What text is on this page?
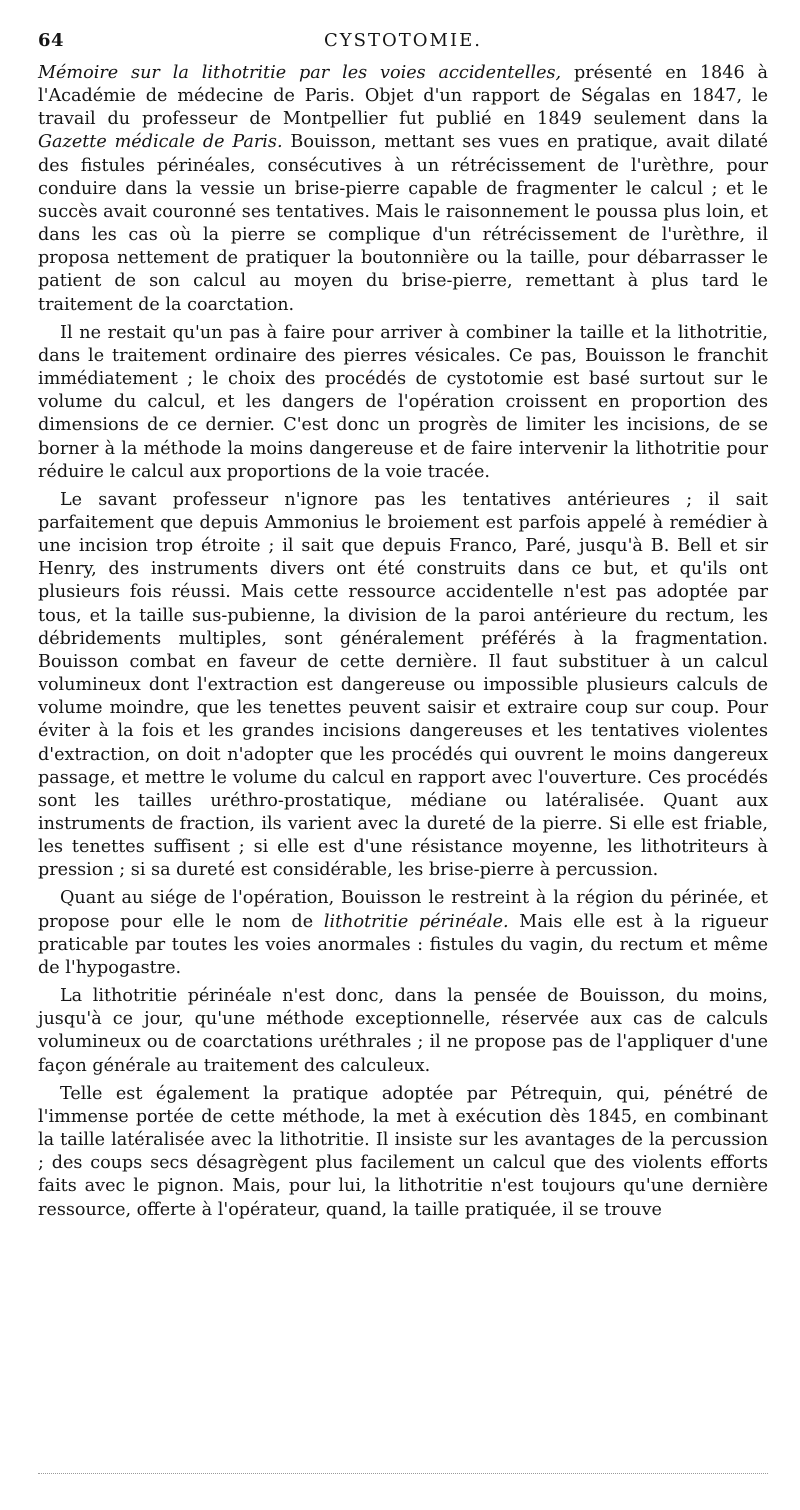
64	CYSTOTOMIE.

Mémoire sur la lithotritie par les voies accidentelles, présenté en 1846 à l'Académie de médecine de Paris. Objet d'un rapport de Ségalas en 1847, le travail du professeur de Montpellier fut publié en 1849 seulement dans la Gazette médicale de Paris. Bouisson, mettant ses vues en pratique, avait dilaté des fistules périnéales, consécutives à un rétrécissement de l'urèthre, pour conduire dans la vessie un brise-pierre capable de fragmenter le calcul ; et le succès avait couronné ses tentatives. Mais le raisonnement le poussa plus loin, et dans les cas où la pierre se complique d'un rétrécissement de l'urèthre, il proposa nettement de pratiquer la boutonnière ou la taille, pour débarrasser le patient de son calcul au moyen du brise-pierre, remettant à plus tard le traitement de la coarctation.

Il ne restait qu'un pas à faire pour arriver à combiner la taille et la lithotritie, dans le traitement ordinaire des pierres vésicales. Ce pas, Bouisson le franchit immédiatement ; le choix des procédés de cystotomie est basé surtout sur le volume du calcul, et les dangers de l'opération croissent en proportion des dimensions de ce dernier. C'est donc un progrès de limiter les incisions, de se borner à la méthode la moins dangereuse et de faire intervenir la lithotritie pour réduire le calcul aux proportions de la voie tracée.

Le savant professeur n'ignore pas les tentatives antérieures ; il sait parfaitement que depuis Ammonius le broiement est parfois appelé à remédier à une incision trop étroite ; il sait que depuis Franco, Paré, jusqu'à B. Bell et sir Henry, des instruments divers ont été construits dans ce but, et qu'ils ont plusieurs fois réussi. Mais cette ressource accidentelle n'est pas adoptée par tous, et la taille sus-pubienne, la division de la paroi antérieure du rectum, les débridements multiples, sont généralement préférés à la fragmentation. Bouisson combat en faveur de cette dernière. Il faut substituer à un calcul volumineux dont l'extraction est dangereuse ou impossible plusieurs calculs de volume moindre, que les tenettes peuvent saisir et extraire coup sur coup. Pour éviter à la fois et les grandes incisions dangereuses et les tentatives violentes d'extraction, on doit n'adopter que les procédés qui ouvrent le moins dangereux passage, et mettre le volume du calcul en rapport avec l'ouverture. Ces procédés sont les tailles uréthro-prostatique, médiane ou latéralisée. Quant aux instruments de fraction, ils varient avec la dureté de la pierre. Si elle est friable, les tenettes suffisent ; si elle est d'une résistance moyenne, les lithotriteurs à pression ; si sa dureté est considérable, les brise-pierre à percussion.

Quant au siége de l'opération, Bouisson le restreint à la région du périnée, et propose pour elle le nom de lithotritie périnéale. Mais elle est à la rigueur praticable par toutes les voies anormales : fistules du vagin, du rectum et même de l'hypogastre.

La lithotritie périnéale n'est donc, dans la pensée de Bouisson, du moins, jusqu'à ce jour, qu'une méthode exceptionnelle, réservée aux cas de calculs volumineux ou de coarctations uréthrales ; il ne propose pas de l'appliquer d'une façon générale au traitement des calculeux.

Telle est également la pratique adoptée par Pétrequin, qui, pénétré de l'immense portée de cette méthode, la met à exécution dès 1845, en combinant la taille latéralisée avec la lithotritie. Il insiste sur les avantages de la percussion ; des coups secs désagrègent plus facilement un calcul que des violents efforts faits avec le pignon. Mais, pour lui, la lithotritie n'est toujours qu'une dernière ressource, offerte à l'opérateur, quand, la taille pratiquée, il se trouve
